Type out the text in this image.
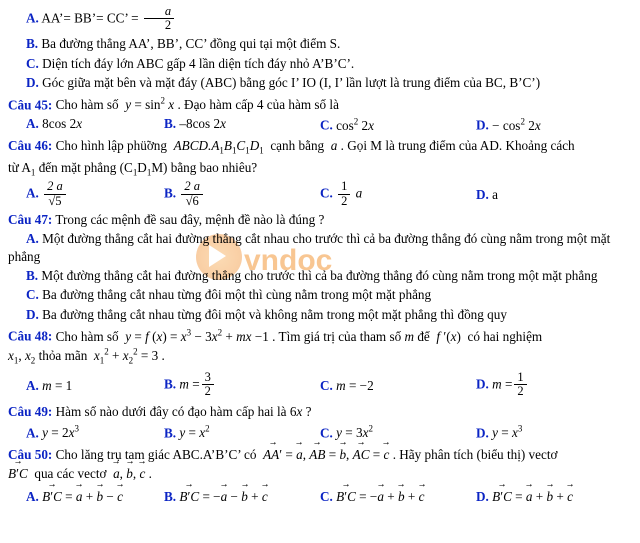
vndoc
A. AA’= BB’= CC’ = $\frac{a}{2}$
B. Ba đường thẳng AA’, BB’, CC’ đồng qui tại một điểm S.
C. Diện tích đáy lớn ABC gấp 4 lần diện tích đáy nhỏ A’B’C’.
D. Góc giữa mặt bên và mặt đáy (ABC) bằng góc I’ IO (I, I’ lần lượt là trung điểm của BC, B’C’)
Câu 45: Cho hàm số  $y = \sin^2 x$ . Đạo hàm cấp 4 của hàm số là
A. 8cos 2x	B. –8cos 2x	C. $\cos^2 2x$	D. − $\cos^2 2x$
Câu 46: Cho hình lập phü̃ơng  $ABCD.A_1B_1C_1D_1$  cạnh bằng  a . Gọi M là trung điểm của AD. Khoảng cách
từ $A_1$ đến mặt phẳng $(C_1D_1M)$ bằng bao nhiêu?
A. $\frac{2 a}{√5}$	B. $\frac{2 a}{√6}$	C. $\frac{1}{2}$ a	D. a
Câu 47: Trong các mệnh đề sau đây, mệnh đề nào là đúng ?
A. Một đường thẳng cắt hai đường thẳng cắt nhau cho trước thì cả ba đường thẳng đó cùng nằm trong một mặt phẳng
B. Một đường thẳng cắt hai đường thẳng cho trước thì cả ba đường thẳng đó cùng nằm trong một mặt phẳng
C. Ba đường thẳng cắt nhau từng đôi một thì cùng nằm trong một mặt phẳng
D. Ba đường thẳng cắt nhau từng đôi một và không nằm trong một mặt phẳng thì đồng quy
Câu 48: Cho hàm số  y = f $(x) = x^3 - 3x^2$ + mx −1 . Tìm giá trị của tham số m để  f ′(x)  có hai nghiệm
$x_1$, $x_2$ thỏa mãn  $x_1^2 + x_2^2 = 3$ .
A. m = 1	B. $m = \frac{3}{2}$	C. m = −2	D. $m = \frac{1}{2}$
Câu 49: Hàm số nào dưới đây có đạo hàm cấp hai là 6x ?
A. $y = 2x^3$	B. $y = x^2$	C. $y = 3x^2$	D. $y = x^3$
Câu 50: Cho lăng trụ tam giác ABC.A’B’C’ có  → AA′ = → a, → AB = → b, → AC = → c . Hãy phân tích (biểu thị) vectơ
→ B′C  qua các vectơ  → a, → b, → c .
A. → B′C = → a + → b − → c	B. → B′C = −→ a − → b + → c	C. → B′C = −→ a + → b + → c	D. → B′C = → a + → b + → c
